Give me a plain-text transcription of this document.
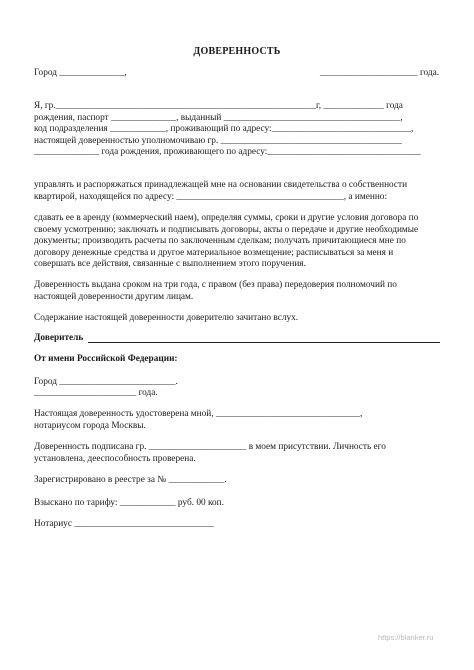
ДОВЕРЕННОСТЬ
Город ______________,	_____________________ года.
Я, гр.________________________________________________________г, _____________ года
рождения, паспорт ______________, выданный ______________________________________,
код подразделения ____________, проживающий по адресу:______________________________,
настоящей доверенностью уполномочиваю гр. _______________________________________
______________ года рождения, проживающего по адресу:_________________________________
управлять и распоряжаться принадлежащей мне на основании свидетельства о собственности
квартирой, находящейся по адресу: ____________________________________, а именно:
сдавать ее в аренду (коммерческий наем), определяя суммы, сроки и другие условия договора по
своему усмотрению; заключать и подписывать договоры, акты о передаче и другие необходимые
документы; производить расчеты по заключенным сделкам; получать причитающиеся мне по
договору денежные средства и другое материальное возмещение; расписываться за меня и
совершать все действия, связанные с выполнением этого поручения.
Доверенность выдана сроком на три года, с правом (без права) передоверия полномочий по
настоящей доверенности другим лицам.
Содержание настоящей доверенности доверителю зачитано вслух.
Доверитель
От имени Российской Федерации:
Город _________________________.
______________________ года.
Настоящая доверенность удостоверена мной, _______________________________,
нотариусом города Москвы.
Доверенность подписана гр. _____________________ в моем присутствии. Личность его
установлена, дееспособность проверена.
Зарегистрировано в реестре за № ____________.
Взыскано по тарифу: ____________ руб. 00 коп.
Нотариус ______________________________
https://blanker.ru
